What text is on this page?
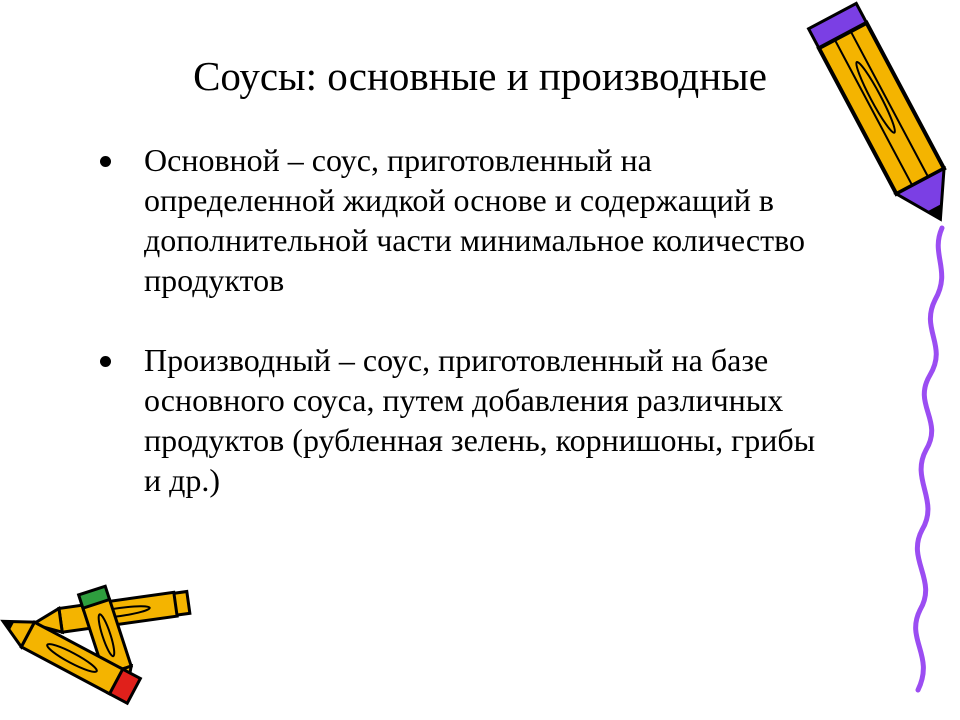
Соусы: основные и производные
Основной – соус, приготовленный на определенной жидкой основе и содержащий в дополнительной части минимальное количество продуктов
Производный – соус, приготовленный на базе основного соуса, путем добавления различных продуктов (рубленная зелень, корнишоны, грибы и др.)
